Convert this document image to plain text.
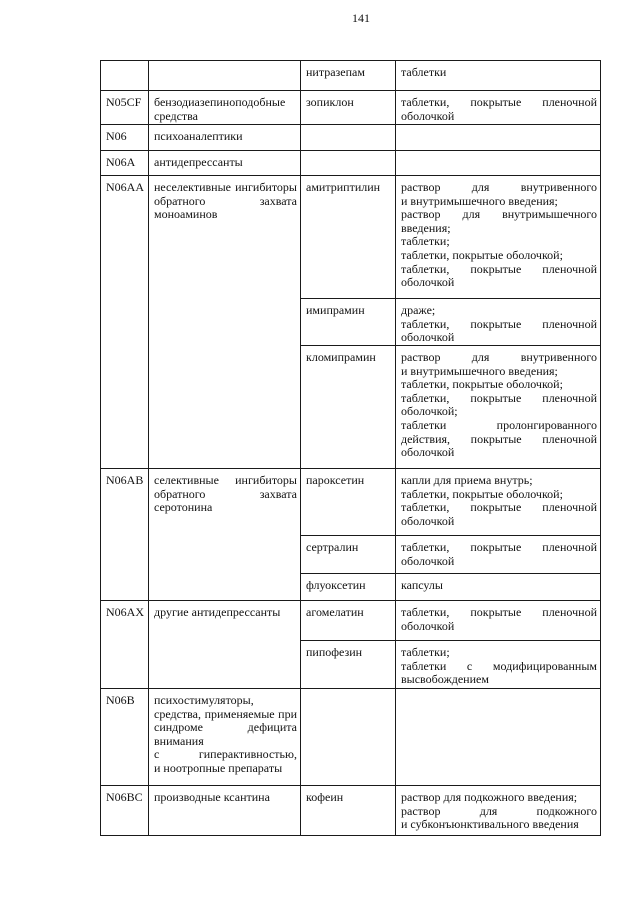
141
		нитразепам	таблетки

N05CF	бензодиазепиноподобные средства	зопиклон	таблетки, покрытые пленочной оболочкой

N06	психоаналептики		
N06A	антидепрессанты		
N06AA	неселективные ингибиторы обратного захвата моноаминов	амитриптилин	раствор для внутривенного и внутримышечного введения;
раствор для внутримышечного введения;
таблетки;
таблетки, покрытые оболочкой;
таблетки, покрытые пленочной оболочкой

		имипрамин	драже;
таблетки, покрытые пленочной оболочкой

		кломипрамин	раствор для внутривенного и внутримышечного введения;
таблетки, покрытые оболочкой;
таблетки, покрытые пленочной оболочкой;
таблетки пролонгированного действия, покрытые пленочной оболочкой

N06AB	селективные ингибиторы обратного захвата серотонина	пароксетин	капли для приема внутрь;
таблетки, покрытые оболочкой;
таблетки, покрытые пленочной оболочкой

		сертралин	таблетки, покрытые пленочной оболочкой

		флуоксетин	капсулы

N06AX	другие антидепрессанты	агомелатин	таблетки, покрытые пленочной оболочкой

		пипофезин	таблетки;
таблетки с модифицированным высвобождением

N06B	психостимуляторы, средства, применяемые при синдроме дефицита внимания с гиперактивностью, и ноотропные препараты		
N06BC	производные ксантина	кофеин	раствор для подкожного введения;
раствор для подкожного и субконъюнктивального введения
